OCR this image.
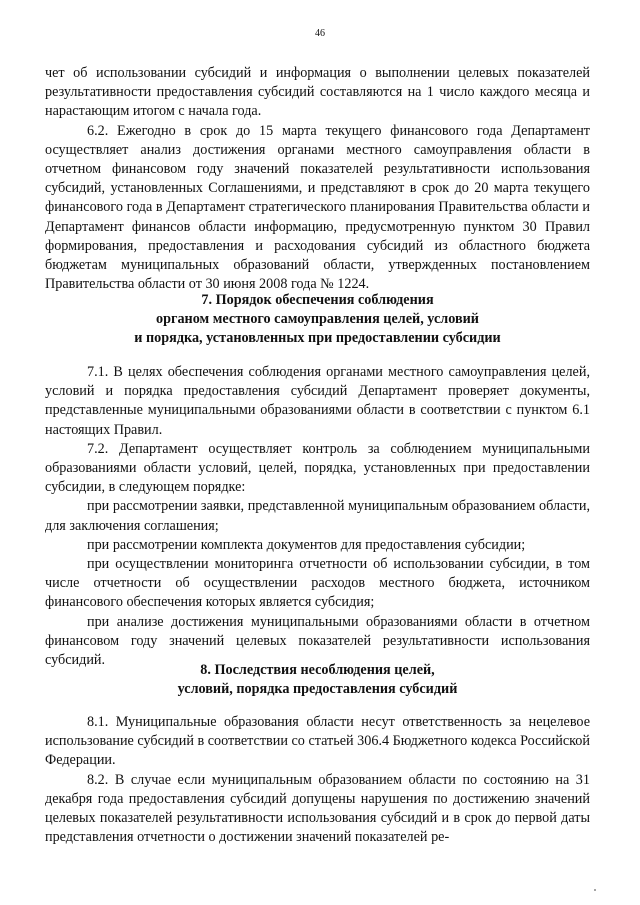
46

чет об использовании субсидий и информация о выполнении целевых показателей результативности предоставления субсидий составляются на 1 число каждого месяца и нарастающим итогом с начала года.

6.2. Ежегодно в срок до 15 марта текущего финансового года Департамент осуществляет анализ достижения органами местного самоуправления области в отчетном финансовом году значений показателей результативности использования субсидий, установленных Соглашениями, и представляют в срок до 20 марта текущего финансового года в Департамент стратегического планирования Правительства области и Департамент финансов области информацию, предусмотренную пунктом 30 Правил формирования, предоставления и расходования субсидий из областного бюджета бюджетам муниципальных образований области, утвержденных постановлением Правительства области от 30 июня 2008 года № 1224.

7. Порядок обеспечения соблюдения
органом местного самоуправления целей, условий
и порядка, установленных при предоставлении субсидии

7.1. В целях обеспечения соблюдения органами местного самоуправления целей, условий и порядка предоставления субсидий Департамент проверяет документы, представленные муниципальными образованиями области в соответствии с пунктом 6.1 настоящих Правил.

7.2. Департамент осуществляет контроль за соблюдением муниципальными образованиями области условий, целей, порядка, установленных при предоставлении субсидии, в следующем порядке:

при рассмотрении заявки, представленной муниципальным образованием области, для заключения соглашения;

при рассмотрении комплекта документов для предоставления субсидии;

при осуществлении мониторинга отчетности об использовании субсидии, в том числе отчетности об осуществлении расходов местного бюджета, источником финансового обеспечения которых является субсидия;

при анализе достижения муниципальными образованиями области в отчетном финансовом году значений целевых показателей результативности использования субсидий.

8. Последствия несоблюдения целей,
условий, порядка предоставления субсидий

8.1. Муниципальные образования области несут ответственность за нецелевое использование субсидий в соответствии со статьей 306.4 Бюджетного кодекса Российской Федерации.

8.2. В случае если муниципальным образованием области по состоянию на 31 декабря года предоставления субсидий допущены нарушения по достижению значений целевых показателей результативности использования субсидий и в срок до первой даты представления отчетности о достижении значений показателей ре-
